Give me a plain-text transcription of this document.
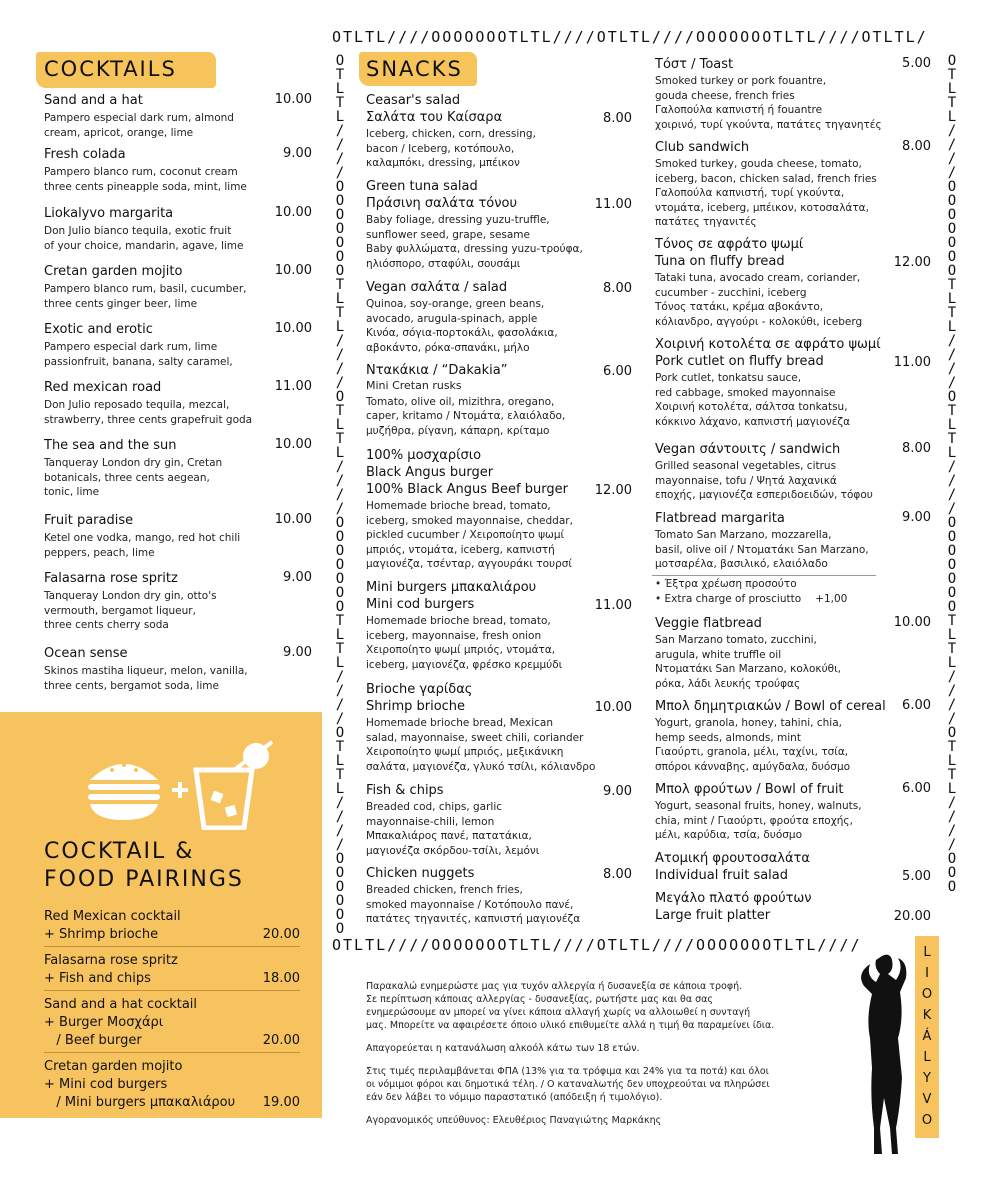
COCKTAILS
Sand and a hat	10.00
Pampero especial dark rum, almond
cream, apricot, orange, lime
Fresh colada	9.00
Pampero blanco rum, coconut cream
three cents pineapple soda, mint, lime
Liokalyvo margarita	10.00
Don Julio bianco tequila, exotic fruit
of your choice, mandarin, agave, lime
Cretan garden mojito	10.00
Pampero blanco rum, basil, cucumber,
three cents ginger beer, lime
Exotic and erotic	10.00
Pampero especial dark rum, lime
passionfruit, banana, salty caramel,
Red mexican road	11.00
Don Julio reposado tequila, mezcal,
strawberry, three cents grapefruit goda
The sea and the sun	10.00
Tanqueray London dry gin, Cretan
botanicals, three cents aegean,
tonic, lime
Fruit paradise	10.00
Ketel one vodka, mango, red hot chili
peppers, peach, lime
Falasarna rose spritz	9.00
Tanqueray London dry gin, otto's
vermouth, bergamot liqueur,
three cents cherry soda
Ocean sense	9.00
Skinos mastiha liqueur, melon, vanilla,
three cents, bergamot soda, lime
COCKTAIL &
FOOD PAIRINGS
Red Mexican cocktail
+ Shrimp brioche	20.00
Falasarna rose spritz
+ Fish and chips	18.00
Sand and a hat cocktail
+ Burger Μοσχάρι
/ Beef burger	20.00
Cretan garden mojito
+ Mini cod burgers
/ Mini burgers μπακαλιάρου 19.00
SNACKS
Ceasar's salad
Σαλάτα του Καίσαρα	8.00
Iceberg, chicken, corn, dressing,
bacon / Iceberg, κοτόπουλο,
καλαμπόκι, dressing, μπέικον
Green tuna salad
Πράσινη σαλάτα τόνου	11.00
Baby foliage, dressing yuzu-truffle,
sunflower seed, grape, sesame
Baby φυλλώματα, dressing yuzu-τρούφα,
ηλιόσπορο, σταφύλι, σουσάμι
Vegan σαλάτα / salad	8.00
Quinoa, soy-orange, green beans,
avocado, arugula-spinach, apple
Κινόα, σόγια-πορτοκάλι, φασολάκια,
αβοκάντο, ρόκα-σπανάκι, μήλο
Ντακάκια / “Dakakia”	6.00
Mini Cretan rusks
Tomato, olive oil, mizithra, oregano,
caper, kritamo / Ντομάτα, ελαιόλαδο,
μυζήθρα, ρίγανη, κάπαρη, κρίταμο
100% μοσχαρίσιο
Black Angus burger
100% Black Angus Beef burger 12.00
Homemade brioche bread, tomato,
iceberg, smoked mayonnaise, cheddar,
pickled cucumber / Χειροποίητο ψωμί
μπριός, ντομάτα, iceberg, καπνιστή
μαγιονέζα, τσένταρ, αγγουράκι τουρσί
Mini burgers μπακαλιάρου
Mini cod burgers	11.00
Homemade brioche bread, tomato,
iceberg, mayonnaise, fresh onion
Χειροποίητο ψωμί μπριός, ντομάτα,
iceberg, μαγιονέζα, φρέσκο κρεμμύδι
Brioche γαρίδας
Shrimp brioche	10.00
Homemade brioche bread, Mexican
salad, mayonnaise, sweet chili, coriander
Χειροποίητο ψωμί μπριός, μεξικάνικη
σαλάτα, μαγιονέζα, γλυκό τσίλι, κόλιανδρο
Fish & chips	9.00
Breaded cod, chips, garlic
mayonnaise-chili, lemon
Μπακαλιάρος πανέ, πατατάκια,
μαγιονέζα σκόρδου-τσίλι, λεμόνι
Chicken nuggets	8.00
Breaded chicken, french fries,
smoked mayonnaise / Κοτόπουλο πανέ,
πατάτες τηγανιτές, καπνιστή μαγιονέζα
Τόστ / Toast	5.00
Smoked turkey or pork fouantre,
gouda cheese, french fries
Γαλοπούλα καπνιστή ή fouantre
χοιρινό, τυρί γκούντα, πατάτες τηγανητές
Club sandwich	8.00
Smoked turkey, gouda cheese, tomato,
iceberg, bacon, chicken salad, french fries
Γαλοπούλα καπνιστή, τυρί γκούντα,
ντομάτα, iceberg, μπέικον, κοτοσαλάτα,
πατάτες τηγανιτές
Τόνος σε αφράτο ψωμί
Tuna on fluffy bread	12.00
Tataki tuna, avocado cream, coriander,
cucumber - zucchini, iceberg
Τόνος τατάκι, κρέμα αβοκάντο,
κόλιανδρο, αγγούρι - κολοκύθι, iceberg
Χοιρινή κοτολέτα σε αφράτο ψωμί
Pork cutlet on fluffy bread	11.00
Pork cutlet, tonkatsu sauce,
red cabbage, smoked mayonnaise
Χοιρινή κοτολέτα, σάλτσα tonkatsu,
κόκκινο λάχανο, καπνιστή μαγιονέζα
Vegan σάντουιτς / sandwich	8.00
Grilled seasonal vegetables, citrus
mayonnaise, tofu / Ψητά λαχανικά
εποχής, μαγιονέζα εσπεριδοειδών, τόφου
Flatbread margarita	9.00
Tomato San Marzano, mozzarella,
basil, olive oil / Ντοματάκι San Marzano,
μοτσαρέλα, βασιλικό, ελαιόλαδο
Veggie flatbread	10.00
San Marzano tomato, zucchini,
arugula, white truffle oil
Ντοματάκι San Marzano, κολοκύθι,
ρόκα, λάδι λευκής τρούφας
Μπολ δημητριακών / Bowl of cereal 6.00
Yogurt, granola, honey, tahini, chia,
hemp seeds, almonds, mint
Γιαούρτι, granola, μέλι, ταχίνι, τσία,
σπόροι κάνναβης, αμύγδαλα, δυόσμο
Μπολ φρούτων / Bowl of fruit	6.00
Yogurt, seasonal fruits, honey, walnuts,
chia, mint / Γιαούρτι, φρούτα εποχής,
μέλι, καρύδια, τσία, δυόσμο
Ατομική φρουτοσαλάτα
Individual fruit salad	5.00
Μεγάλο πλατό φρούτων
Large fruit platter	20.00
• Έξτρα χρέωση προσούτο
• Extra charge of prosciutto +1,00
OTLTL////OOOOOOOTLTL////OTLTL////OOOOOOOTLTL////OTLTL/
OTLTL////OOOOOOOTLTL////OTLTL////OOOOOOOTLTL////
O
T
L
T
L
/
/
/
/
O
O
O
O
O
O
O
T
L
T
L
/
/
/
/
O
T
L
T
L
/
/
/
/
O
O
O
O
O
O
O
T
L
T
L
/
/
/
/
O
T
L
T
L
/
/
/
/
O
O
O
O
O
O

O
T
L
T
L
/
/
/
/
O
O
O
O
O
O
O
T
L
T
L
/
/
/
/
O
T
L
T
L
/
/
/
/
O
O
O
O
O
O
O
T
L
T
L
/
/
/
/
O
T
L
T
L
/
/
/
/
O
O
O
Παρακαλώ ενημερώστε μας για τυχόν αλλεργία ή δυσανεξία σε κάποια τροφή.
Σε περίπτωση κάποιας αλλεργίας - δυσανεξίας, ρωτήστε μας και θα σας
ενημερώσουμε αν μπορεί να γίνει κάποια αλλαγή χωρίς να αλλοιωθεί η συνταγή
μας. Μπορείτε να αφαιρέσετε όποιο υλικό επιθυμείτε αλλά η τιμή θα παραμείνει ίδια.
Απαγορεύεται η κατανάλωση αλκοόλ κάτω των 18 ετών.
Στις τιμές περιλαμβάνεται ΦΠΑ (13% για τα τρόφιμα και 24% για τα ποτά) και όλοι
οι νόμιμοι φόροι και δημοτικά τέλη. / Ο καταναλωτής δεν υποχρεούται να πληρώσει
εάν δεν λάβει το νόμιμο παραστατικό (απόδειξη ή τιμολόγιο).
Αγορανομικός υπεύθυνος: Ελευθέριος Παναγιώτης Μαρκάκης
L
I
O
K
Á
L
Y
V
O
